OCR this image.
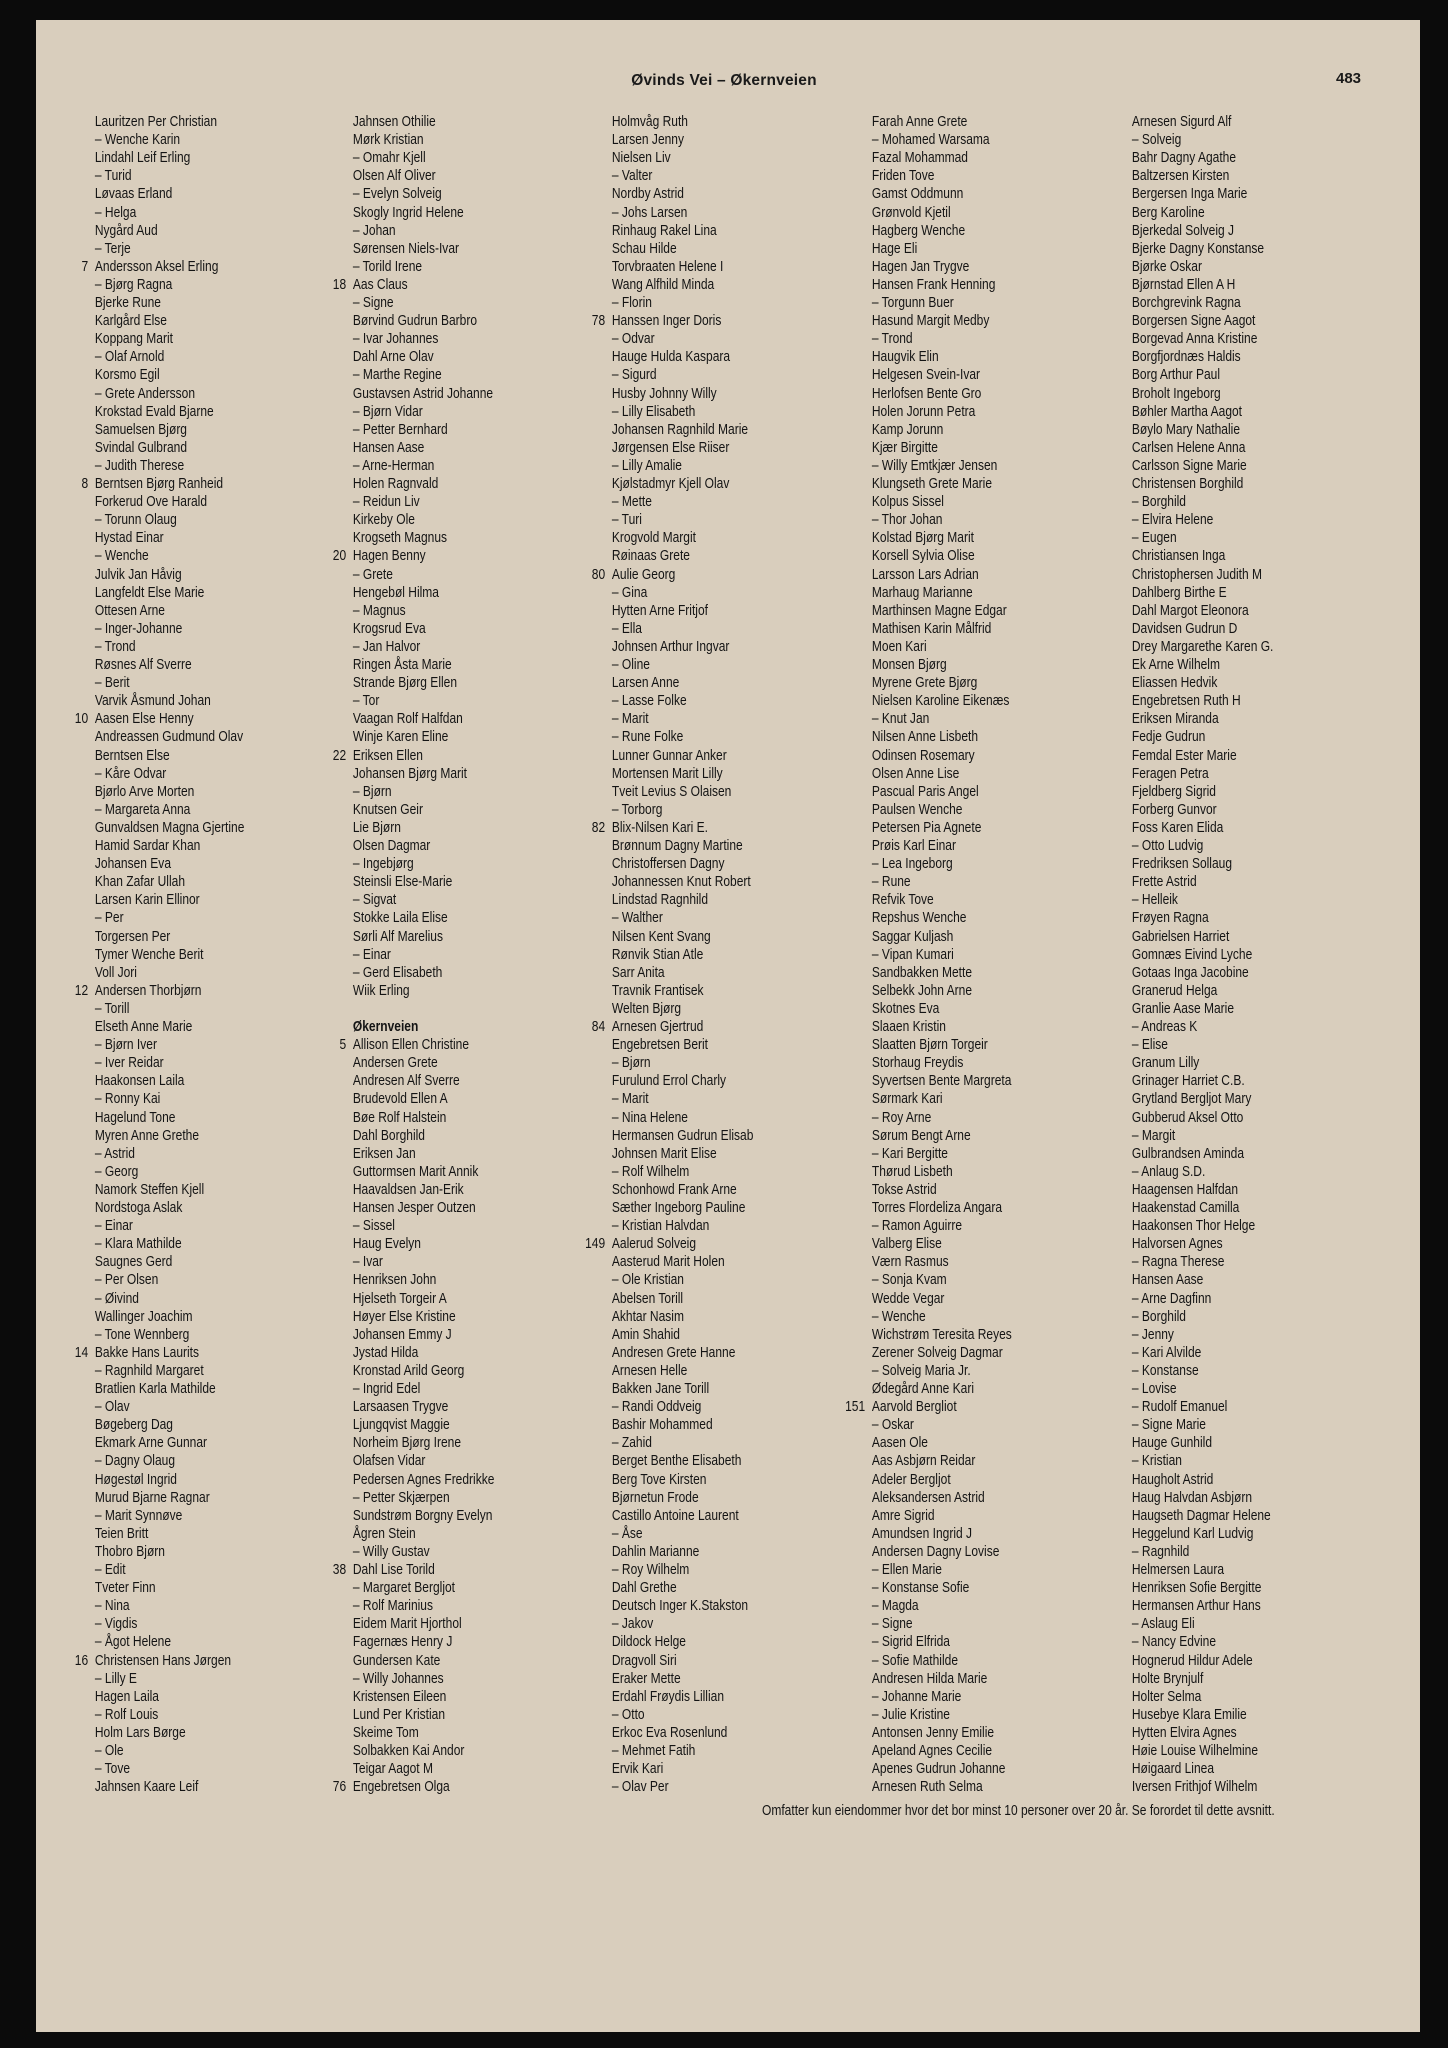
Øvinds Vei – Økernveien	483
Lauritzen Per Christian
– Wenche Karin
Lindahl Leif Erling
– Turid
Løvaas Erland
– Helga
Nygård Aud
– Terje
7 Andersson Aksel Erling
– Bjørg Ragna
Bjerke Rune
Karlgård Else
Koppang Marit
– Olaf Arnold
Korsmo Egil
– Grete Andersson
Krokstad Evald Bjarne
Samuelsen Bjørg
Svindal Gulbrand
– Judith Therese
8 Berntsen Bjørg Ranheid
Forkerud Ove Harald
– Torunn Olaug
Hystad Einar
– Wenche
Julvik Jan Håvig
Langfeldt Else Marie
Ottesen Arne
– Inger-Johanne
– Trond
Røsnes Alf Sverre
– Berit
Varvik Åsmund Johan
10 Aasen Else Henny
Andreassen Gudmund Olav
Berntsen Else
– Kåre Odvar
Bjørlo Arve Morten
– Margareta Anna
Gunvaldsen Magna Gjertine
Hamid Sardar Khan
Johansen Eva
Khan Zafar Ullah
Larsen Karin Ellinor
– Per
Torgersen Per
Tymer Wenche Berit
Voll Jori
12 Andersen Thorbjørn
– Torill
Elseth Anne Marie
– Bjørn Iver
– Iver Reidar
Haakonsen Laila
– Ronny Kai
Hagelund Tone
Myren Anne Grethe
– Astrid
– Georg
Namork Steffen Kjell
Nordstoga Aslak
– Einar
– Klara Mathilde
Saugnes Gerd
– Per Olsen
– Øivind
Wallinger Joachim
– Tone Wennberg
14 Bakke Hans Laurits
– Ragnhild Margaret
Bratlien Karla Mathilde
– Olav
Bøgeberg Dag
Ekmark Arne Gunnar
– Dagny Olaug
Høgestøl Ingrid
Murud Bjarne Ragnar
– Marit Synnøve
Teien Britt
Thobro Bjørn
– Edit
Tveter Finn
– Nina
– Vigdis
– Ågot Helene
16 Christensen Hans Jørgen
– Lilly E
Hagen Laila
– Rolf Louis
Holm Lars Børge
– Ole
– Tove
Jahnsen Kaare Leif
Jahnsen Othilie
Mørk Kristian
– Omahr Kjell
Olsen Alf Oliver
– Evelyn Solveig
Skogly Ingrid Helene
– Johan
Sørensen Niels-Ivar
– Torild Irene
18 Aas Claus
– Signe
Børvind Gudrun Barbro
– Ivar Johannes
Dahl Arne Olav
– Marthe Regine
Gustavsen Astrid Johanne
– Bjørn Vidar
– Petter Bernhard
Hansen Aase
– Arne-Herman
Holen Ragnvald
– Reidun Liv
Kirkeby Ole
Krogseth Magnus
20 Hagen Benny
– Grete
Hengebøl Hilma
– Magnus
Krogsrud Eva
– Jan Halvor
Ringen Åsta Marie
Strande Bjørg Ellen
– Tor
Vaagan Rolf Halfdan
Winje Karen Eline
22 Eriksen Ellen
Johansen Bjørg Marit
– Bjørn
Knutsen Geir
Lie Bjørn
Olsen Dagmar
– Ingebjørg
Steinsli Else-Marie
– Sigvat
Stokke Laila Elise
Sørli Alf Marelius
– Einar
– Gerd Elisabeth
Wiik Erling
Økernveien
5 Allison Ellen Christine
Andersen Grete
Andresen Alf Sverre
Brudevold Ellen A
Bøe Rolf Halstein
Dahl Borghild
Eriksen Jan
Guttormsen Marit Annik
Haavaldsen Jan-Erik
Hansen Jesper Outzen
– Sissel
Haug Evelyn
– Ivar
Henriksen John
Hjelseth Torgeir A
Høyer Else Kristine
Johansen Emmy J
Jystad Hilda
Kronstad Arild Georg
– Ingrid Edel
Larsaasen Trygve
Ljungqvist Maggie
Norheim Bjørg Irene
Olafsen Vidar
Pedersen Agnes Fredrikke
– Petter Skjærpen
Sundstrøm Borgny Evelyn
Ågren Stein
– Willy Gustav
38 Dahl Lise Torild
– Margaret Bergljot
– Rolf Marinius
Eidem Marit Hjorthol
Fagernæs Henry J
Gundersen Kate
– Willy Johannes
Kristensen Eileen
Lund Per Kristian
Skeime Tom
Solbakken Kai Andor
Teigar Aagot M
76 Engebretsen Olga
Holmvåg Ruth
Larsen Jenny
Nielsen Liv
– Valter
Nordby Astrid
– Johs Larsen
Rinhaug Rakel Lina
Schau Hilde
Torvbraaten Helene I
Wang Alfhild Minda
– Florin
78 Hanssen Inger Doris
– Odvar
Hauge Hulda Kaspara
– Sigurd
Husby Johnny Willy
– Lilly Elisabeth
Johansen Ragnhild Marie
Jørgensen Else Riiser
– Lilly Amalie
Kjølstadmyr Kjell Olav
– Mette
– Turi
Krogvold Margit
Røinaas Grete
80 Aulie Georg
– Gina
Hytten Arne Fritjof
– Ella
Johnsen Arthur Ingvar
– Oline
Larsen Anne
– Lasse Folke
– Marit
– Rune Folke
Lunner Gunnar Anker
Mortensen Marit Lilly
Tveit Levius S Olaisen
– Torborg
82 Blix-Nilsen Kari E.
Brønnum Dagny Martine
Christoffersen Dagny
Johannessen Knut Robert
Lindstad Ragnhild
– Walther
Nilsen Kent Svang
Rønvik Stian Atle
Sarr Anita
Travnik Frantisek
Welten Bjørg
84 Arnesen Gjertrud
Engebretsen Berit
– Bjørn
Furulund Errol Charly
– Marit
– Nina Helene
Hermansen Gudrun Elisab
Johnsen Marit Elise
– Rolf Wilhelm
Schonhowd Frank Arne
Sæther Ingeborg Pauline
– Kristian Halvdan
149 Aalerud Solveig
Aasterud Marit Holen
– Ole Kristian
Abelsen Torill
Akhtar Nasim
Amin Shahid
Andresen Grete Hanne
Arnesen Helle
Bakken Jane Torill
– Randi Oddveig
Bashir Mohammed
– Zahid
Berget Benthe Elisabeth
Berg Tove Kirsten
Bjørnetun Frode
Castillo Antoine Laurent
– Åse
Dahlin Marianne
– Roy Wilhelm
Dahl Grethe
Deutsch Inger K.Stakston
– Jakov
Dildock Helge
Dragvoll Siri
Eraker Mette
Erdahl Frøydis Lillian
– Otto
Erkoc Eva Rosenlund
– Mehmet Fatih
Ervik Kari
– Olav Per
Farah Anne Grete
– Mohamed Warsama
Fazal Mohammad
Friden Tove
Gamst Oddmunn
Grønvold Kjetil
Hagberg Wenche
Hage Eli
Hagen Jan Trygve
Hansen Frank Henning
– Torgunn Buer
Hasund Margit Medby
– Trond
Haugvik Elin
Helgesen Svein-Ivar
Herlofsen Bente Gro
Holen Jorunn Petra
Kamp Jorunn
Kjær Birgitte
– Willy Emtkjær Jensen
Klungseth Grete Marie
Kolpus Sissel
– Thor Johan
Kolstad Bjørg Marit
Korsell Sylvia Olise
Larsson Lars Adrian
Marhaug Marianne
Marthinsen Magne Edgar
Mathisen Karin Målfrid
Moen Kari
Monsen Bjørg
Myrene Grete Bjørg
Nielsen Karoline Eikenæs
– Knut Jan
Nilsen Anne Lisbeth
Odinsen Rosemary
Olsen Anne Lise
Pascual Paris Angel
Paulsen Wenche
Petersen Pia Agnete
Prøis Karl Einar
– Lea Ingeborg
– Rune
Refvik Tove
Repshus Wenche
Saggar Kuljash
– Vipan Kumari
Sandbakken Mette
Selbekk John Arne
Skotnes Eva
Slaaen Kristin
Slaatten Bjørn Torgeir
Storhaug Freydis
Syvertsen Bente Margreta
Sørmark Kari
– Roy Arne
Sørum Bengt Arne
– Kari Bergitte
Thørud Lisbeth
Tokse Astrid
Torres Flordeliza Angara
– Ramon Aguirre
Valberg Elise
Værn Rasmus
– Sonja Kvam
Wedde Vegar
– Wenche
Wichstrøm Teresita Reyes
Zerener Solveig Dagmar
– Solveig Maria Jr.
Ødegård Anne Kari
151 Aarvold Bergliot
– Oskar
Aasen Ole
Aas Asbjørn Reidar
Adeler Bergljot
Aleksandersen Astrid
Amre Sigrid
Amundsen Ingrid J
Andersen Dagny Lovise
– Ellen Marie
– Konstanse Sofie
– Magda
– Signe
– Sigrid Elfrida
– Sofie Mathilde
Andresen Hilda Marie
– Johanne Marie
– Julie Kristine
Antonsen Jenny Emilie
Apeland Agnes Cecilie
Apenes Gudrun Johanne
Arnesen Ruth Selma
Arnesen Sigurd Alf
– Solveig
Bahr Dagny Agathe
Baltzersen Kirsten
Bergersen Inga Marie
Berg Karoline
Bjerkedal Solveig J
Bjerke Dagny Konstanse
Bjørke Oskar
Bjørnstad Ellen A H
Borchgrevink Ragna
Borgersen Signe Aagot
Borgevad Anna Kristine
Borgfjordnæs Haldis
Borg Arthur Paul
Broholt Ingeborg
Bøhler Martha Aagot
Bøylo Mary Nathalie
Carlsen Helene Anna
Carlsson Signe Marie
Christensen Borghild
– Borghild
– Elvira Helene
– Eugen
Christiansen Inga
Christophersen Judith M
Dahlberg Birthe E
Dahl Margot Eleonora
Davidsen Gudrun D
Drey Margarethe Karen G.
Ek Arne Wilhelm
Eliassen Hedvik
Engebretsen Ruth H
Eriksen Miranda
Fedje Gudrun
Femdal Ester Marie
Feragen Petra
Fjeldberg Sigrid
Forberg Gunvor
Foss Karen Elida
– Otto Ludvig
Fredriksen Sollaug
Frette Astrid
– Helleik
Frøyen Ragna
Gabrielsen Harriet
Gomnæs Eivind Lyche
Gotaas Inga Jacobine
Granerud Helga
Granlie Aase Marie
– Andreas K
– Elise
Granum Lilly
Grinager Harriet C.B.
Grytland Bergljot Mary
Gubberud Aksel Otto
– Margit
Gulbrandsen Aminda
– Anlaug S.D.
Haagensen Halfdan
Haakenstad Camilla
Haakonsen Thor Helge
Halvorsen Agnes
– Ragna Therese
Hansen Aase
– Arne Dagfinn
– Borghild
– Jenny
– Kari Alvilde
– Konstanse
– Lovise
– Rudolf Emanuel
– Signe Marie
Hauge Gunhild
– Kristian
Haugholt Astrid
Haug Halvdan Asbjørn
Haugseth Dagmar Helene
Heggelund Karl Ludvig
– Ragnhild
Helmersen Laura
Henriksen Sofie Bergitte
Hermansen Arthur Hans
– Aslaug Eli
– Nancy Edvine
Hognerud Hildur Adele
Holte Brynjulf
Holter Selma
Husebye Klara Emilie
Hytten Elvira Agnes
Høie Louise Wilhelmine
Høigaard Linea
Iversen Frithjof Wilhelm
Omfatter kun eiendommer hvor det bor minst 10 personer over 20 år. Se forordet til dette avsnitt.
